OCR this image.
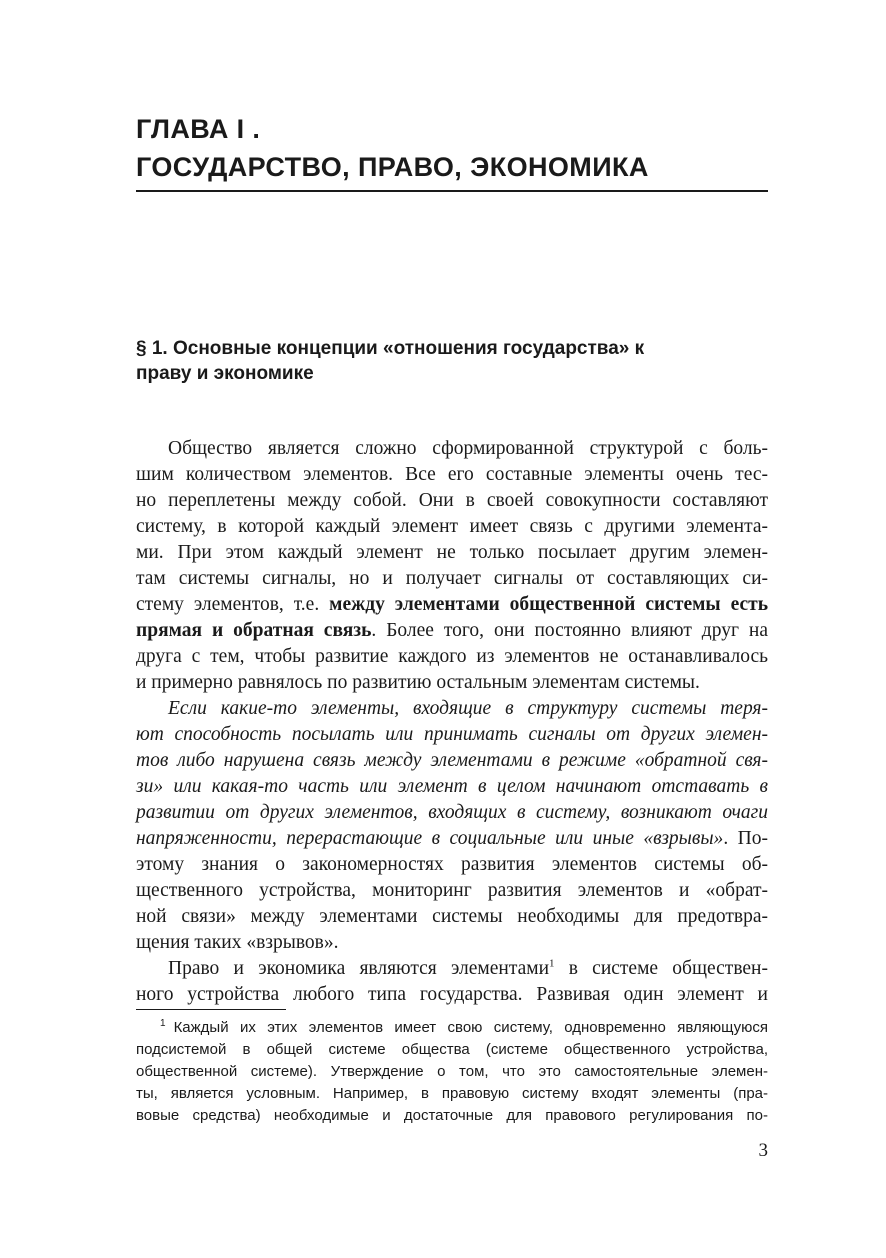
ГЛАВА I .

ГОСУДАРСТВО, ПРАВО, ЭКОНОМИКА

§ 1. Основные концепции «отношения государства» к
праву и экономике
Общество является сложно сформированной структурой с боль-
шим количеством элементов. Все его составные элементы очень тес-
но переплетены между собой. Они в своей совокупности составляют
систему, в которой каждый элемент имеет связь с другими элемента-
ми. При этом каждый элемент не только посылает другим элемен-
там системы сигналы, но и получает сигналы от составляющих си-
стему элементов, т.е. между элементами общественной системы есть
прямая и обратная связь. Более того, они постоянно влияют друг на
друга с тем, чтобы развитие каждого из элементов не останавливалось
и примерно равнялось по развитию остальным элементам системы.
Если какие-то элементы, входящие в структуру системы теря-
ют способность посылать или принимать сигналы от других элемен-
тов либо нарушена связь между элементами в режиме «обратной свя-
зи» или какая-то часть или элемент в целом начинают отставать в
развитии от других элементов, входящих в систему, возникают очаги
напряженности, перерастающие в социальные или иные «взрывы». По-
этому знания о закономерностях развития элементов системы об-
щественного устройства, мониторинг развития элементов и «обрат-
ной связи» между элементами системы необходимы для предотвра-
щения таких «взрывов».
Право и экономика являются элементами$^1$ в системе обществен-
ного устройства любого типа государства. Развивая один элемент и
$^1$ Каждый их этих элементов имеет свою систему, одновременно являющуюся
подсистемой в общей системе общества (системе общественного устройства,
общественной системе). Утверждение о том, что это самостоятельные элемен-
ты, является условным. Например, в правовую систему входят элементы (пра-
вовые средства) необходимые и достаточные для правового регулирования по-
3
